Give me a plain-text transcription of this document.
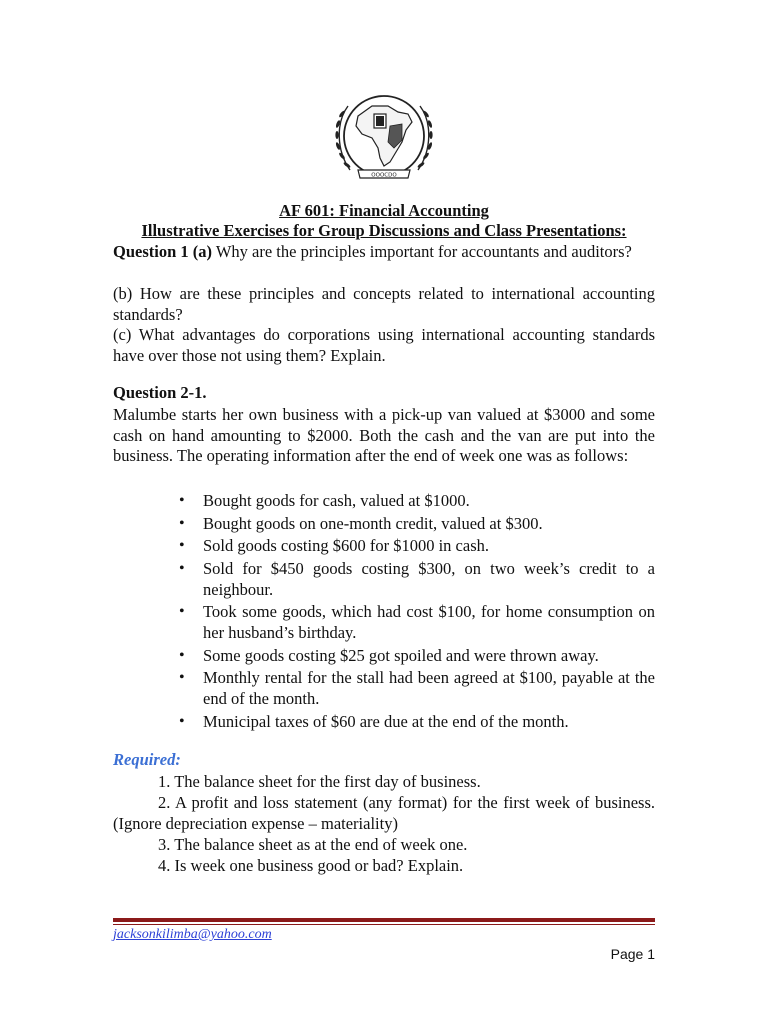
OOOCDO
AF 601: Financial Accounting
Illustrative Exercises for Group Discussions and Class Presentations:
Question 1 (a) Why are the principles important for accountants and auditors?
(b) How are these principles and concepts related to international accounting standards?
(c) What advantages do corporations using international accounting standards have over those not using them? Explain.
Question 2-1.
Malumbe starts her own business with a pick-up van valued at $3000 and some cash on hand amounting to $2000. Both the cash and the van are put into the business. The operating information after the end of week one was as follows:
• Bought goods for cash, valued at $1000.
• Bought goods on one-month credit, valued at $300.
• Sold goods costing $600 for $1000 in cash.
• Sold for $450 goods costing $300, on two week’s credit to a neighbour.
• Took some goods, which had cost $100, for home consumption on her husband’s birthday.
• Some goods costing $25 got spoiled and were thrown away.
• Monthly rental for the stall had been agreed at $100, payable at the end of the month.
• Municipal taxes of $60 are due at the end of the month.
Required:
1. The balance sheet for the first day of business.
2. A profit and loss statement (any format) for the first week of business. (Ignore depreciation expense – materiality)
3. The balance sheet as at the end of week one.
4. Is week one business good or bad? Explain.
jacksonkilimba@yahoo.com
Page 1
